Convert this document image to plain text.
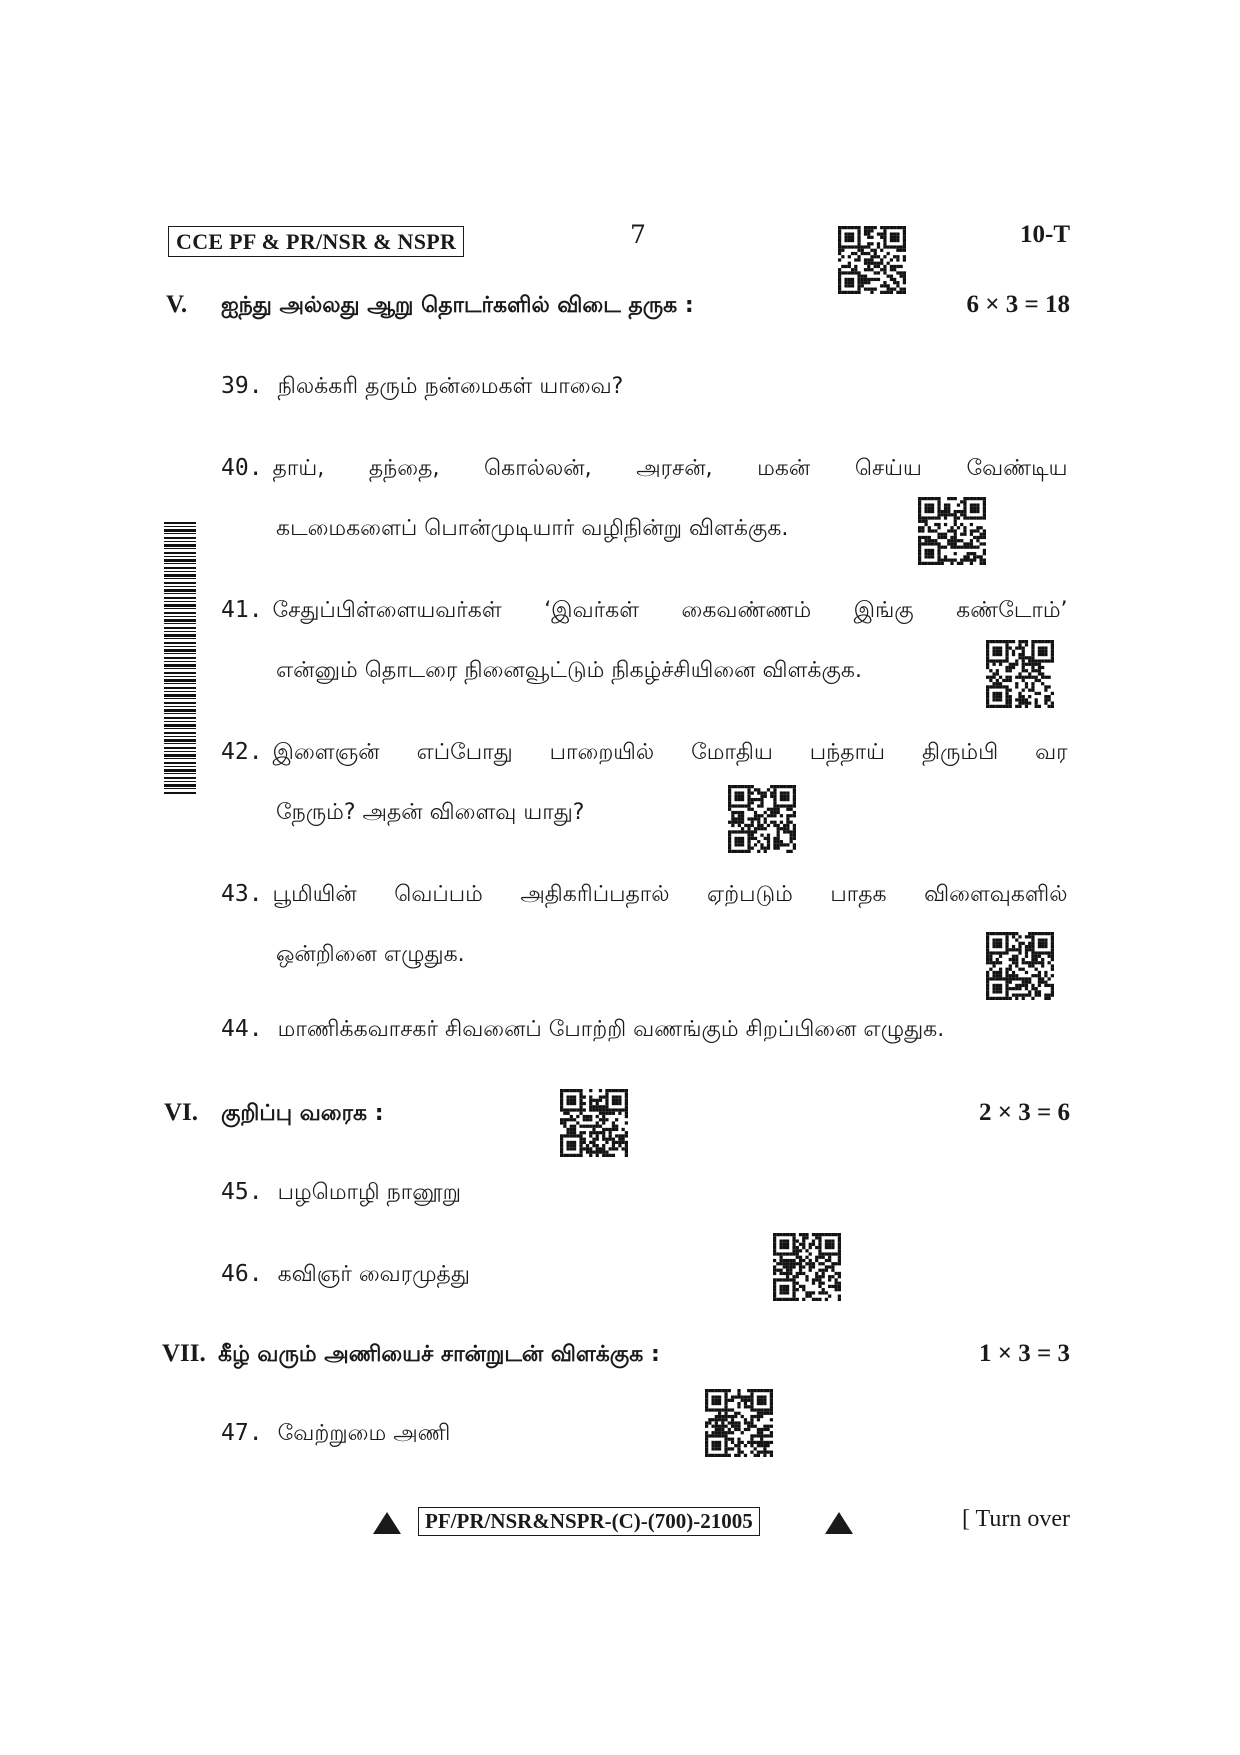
CCE PF & PR/NSR & NSPR	7	10-T
V. ஐந்து அல்லது ஆறு தொடர்களில் விடை தருக :	6 × 3 = 18
39. நிலக்கரி தரும் நன்மைகள் யாவை?
40. தாய், தந்தை, கொல்லன், அரசன், மகன் செய்ய வேண்டிய
கடமைகளைப் பொன்முடியார் வழிநின்று விளக்குக.
41. சேதுப்பிள்ளையவர்கள் ‘இவர்கள் கைவண்ணம் இங்கு கண்டோம்’
என்னும் தொடரை நினைவூட்டும் நிகழ்ச்சியினை விளக்குக.
42. இளைஞன் எப்போது பாறையில் மோதிய பந்தாய் திரும்பி வர
நேரும்? அதன் விளைவு யாது?
43. பூமியின் வெப்பம் அதிகரிப்பதால் ஏற்படும் பாதக விளைவுகளில்
ஒன்றினை எழுதுக.
44. மாணிக்கவாசகர் சிவனைப் போற்றி வணங்கும் சிறப்பினை எழுதுக.
VI. குறிப்பு வரைக :	2 × 3 = 6
45. பழமொழி நானூறு
46. கவிஞர் வைரமுத்து
VII. கீழ் வரும் அணியைச் சான்றுடன் விளக்குக :	1 × 3 = 3
47. வேற்றுமை அணி
PF/PR/NSR&NSPR-(C)-(700)-21005	[ Turn over
